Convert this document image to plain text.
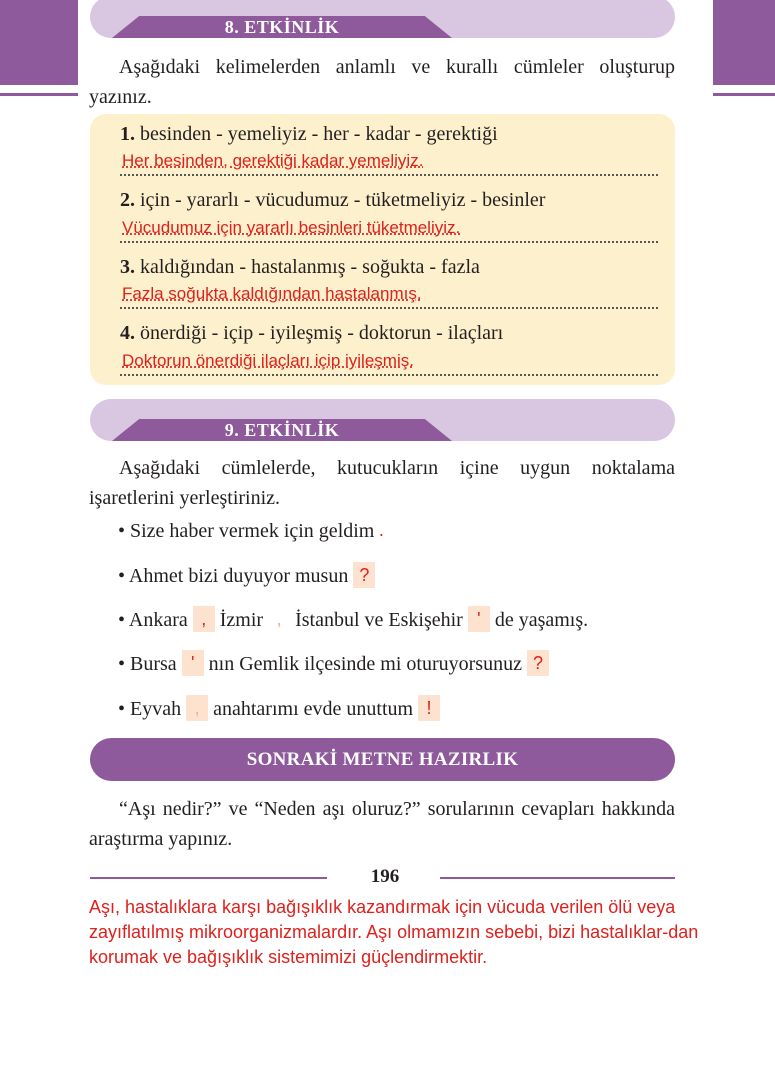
8. ETKİNLİK
Aşağıdaki kelimelerden anlamlı ve kurallı cümleler oluşturup yazınız.
1. besinden - yemeliyiz - her - kadar - gerektiği
Her besinden, gerektiği kadar yemeliyiz.
2. için - yararlı - vücudumuz - tüketmeliyiz - besinler
Vücudumuz için yararlı besinleri tüketmeliyiz.
3. kaldığından - hastalanmış - soğukta - fazla
Fazla soğukta kaldığından hastalanmış.
4. önerdiği - içip - iyileşmiş - doktorun - ilaçları
Doktorun önerdiği ilaçları içip iyileşmiş.
9. ETKİNLİK
Aşağıdaki cümlelerde, kutucukların içine uygun noktalama işaretlerini yerleştiriniz.
• Size haber vermek için geldim .
• Ahmet bizi duyuyor musun ?
• Ankara , İzmir , İstanbul ve Eskişehir ' de yaşamış.
• Bursa ' nın Gemlik ilçesinde mi oturuyorsunuz ?
• Eyvah , anahtarımı evde unuttum !
SONRAKİ METNE HAZIRLIK
“Aşı nedir?” ve “Neden aşı oluruz?” sorularının cevapları hakkında araştırma yapınız.
196
Aşı, hastalıklara karşı bağışıklık kazandırmak için vücuda verilen ölü veya zayıflatılmış mikroorganizmalardır. Aşı olmamızın sebebi, bizi hastalıklar-dan korumak ve bağışıklık sistemimizi güçlendirmektir.
